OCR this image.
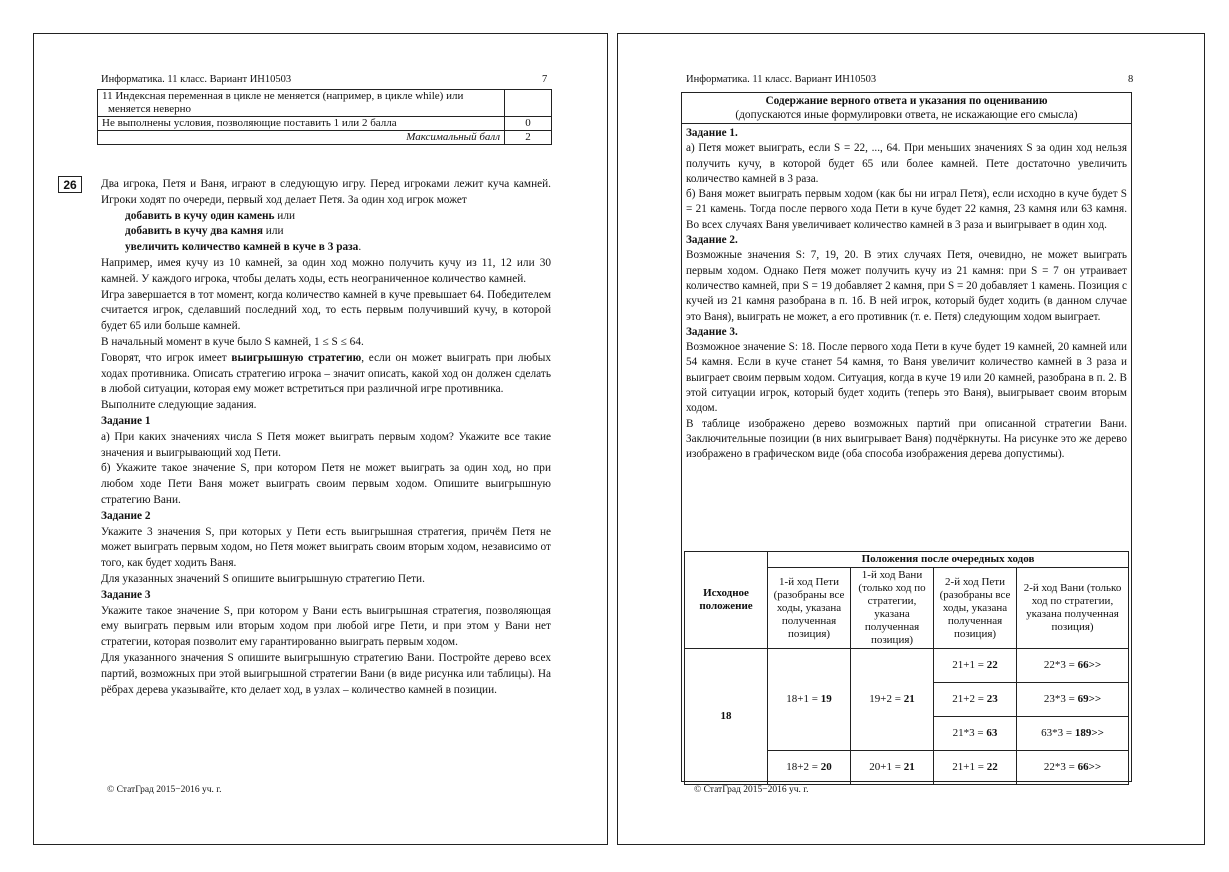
Информатика. 11 класс. Вариант ИН10503	7
11 Индексная переменная в цикле не меняется (например, в цикле while) или меняется неверно	
Не выполнены условия, позволяющие поставить 1 или 2 балла	0
Максимальный балл	2
26	Два игрока, Петя и Ваня, играют в следующую игру. Перед игроками лежит куча камней. Игроки ходят по очереди, первый ход делает Петя. За один ход игрок может

добавить в кучу один камень или

добавить в кучу два камня или

увеличить количество камней в куче в 3 раза.

Например, имея кучу из 10 камней, за один ход можно получить кучу из 11, 12 или 30 камней. У каждого игрока, чтобы делать ходы, есть неограниченное количество камней.

Игра завершается в тот момент, когда количество камней в куче превышает 64. Победителем считается игрок, сделавший последний ход, то есть первым получивший кучу, в которой будет 65 или больше камней.

В начальный момент в куче было S камней, 1 ≤ S ≤ 64.

Говорят, что игрок имеет выигрышную стратегию, если он может выиграть при любых ходах противника. Описать стратегию игрока – значит описать, какой ход он должен сделать в любой ситуации, которая ему может встретиться при различной игре противника.

Выполните следующие задания.

Задание 1

а) При каких значениях числа S Петя может выиграть первым ходом? Укажите все такие значения и выигрывающий ход Пети.

б) Укажите такое значение S, при котором Петя не может выиграть за один ход, но при любом ходе Пети Ваня может выиграть своим первым ходом. Опишите выигрышную стратегию Вани.

Задание 2

Укажите 3 значения S, при которых у Пети есть выигрышная стратегия, причём Петя не может выиграть первым ходом, но Петя может выиграть своим вторым ходом, независимо от того, как будет ходить Ваня.

Для указанных значений S опишите выигрышную стратегию Пети.

Задание 3

Укажите такое значение S, при котором у Вани есть выигрышная стратегия, позволяющая ему выиграть первым или вторым ходом при любой игре Пети, и при этом у Вани нет стратегии, которая позволит ему гарантированно выиграть первым ходом.

Для указанного значения S опишите выигрышную стратегию Вани. Постройте дерево всех партий, возможных при этой выигрышной стратегии Вани (в виде рисунка или таблицы). На рёбрах дерева указывайте, кто делает ход, в узлах – количество камней в позиции.

© СтатГрад 2015−2016 уч. г.
Информатика. 11 класс. Вариант ИН10503	8
Содержание верного ответа и указания по оцениванию
(допускаются иные формулировки ответа, не искажающие его смысла)

Задание 1.

а) Петя может выиграть, если S = 22, ..., 64. При меньших значениях S за один ход нельзя получить кучу, в которой будет 65 или более камней. Пете достаточно увеличить количество камней в 3 раза.

б) Ваня может выиграть первым ходом (как бы ни играл Петя), если исходно в куче будет S = 21 камень. Тогда после первого хода Пети в куче будет 22 камня, 23 камня или 63 камня. Во всех случаях Ваня увеличивает количество камней в 3 раза и выигрывает в один ход.

Задание 2.

Возможные значения S: 7, 19, 20. В этих случаях Петя, очевидно, не может выиграть первым ходом. Однако Петя может получить кучу из 21 камня: при S = 7 он утраивает количество камней, при S = 19 добавляет 2 камня, при S = 20 добавляет 1 камень. Позиция с кучей из 21 камня разобрана в п. 1б. В ней игрок, который будет ходить (в данном случае это Ваня), выиграть не может, а его противник (т. е. Петя) следующим ходом выиграет.

Задание 3.

Возможное значение S: 18. После первого хода Пети в куче будет 19 камней, 20 камней или 54 камня. Если в куче станет 54 камня, то Ваня увеличит количество камней в 3 раза и выиграет своим первым ходом. Ситуация, когда в куче 19 или 20 камней, разобрана в п. 2. В этой ситуации игрок, который будет ходить (теперь это Ваня), выигрывает своим вторым ходом.

В таблице изображено дерево возможных партий при описанной стратегии Вани. Заключительные позиции (в них выигрывает Ваня) подчёркнуты. На рисунке это же дерево изображено в графическом виде (оба способа изображения дерева допустимы).

Исходное положение	Положения после очередных ходов			
	1-й ход Пети (разобраны все ходы, указана полученная позиция)	1-й ход Вани (только ход по стратегии, указана полученная позиция)	2-й ход Пети (разобраны все ходы, указана полученная позиция)	2-й ход Вани (только ход по стратегии, указана полученная позиция)
18	18+1 = 19	19+2 = 21	21+1 = 22	22*3 = 66>>
			21+2 = 23	23*3 = 69>>
			21*3 = 63	63*3 = 189>>
	18+2 = 20	20+1 = 21	21+1 = 22	22*3 = 66>>
© СтатГрад 2015−2016 уч. г.
